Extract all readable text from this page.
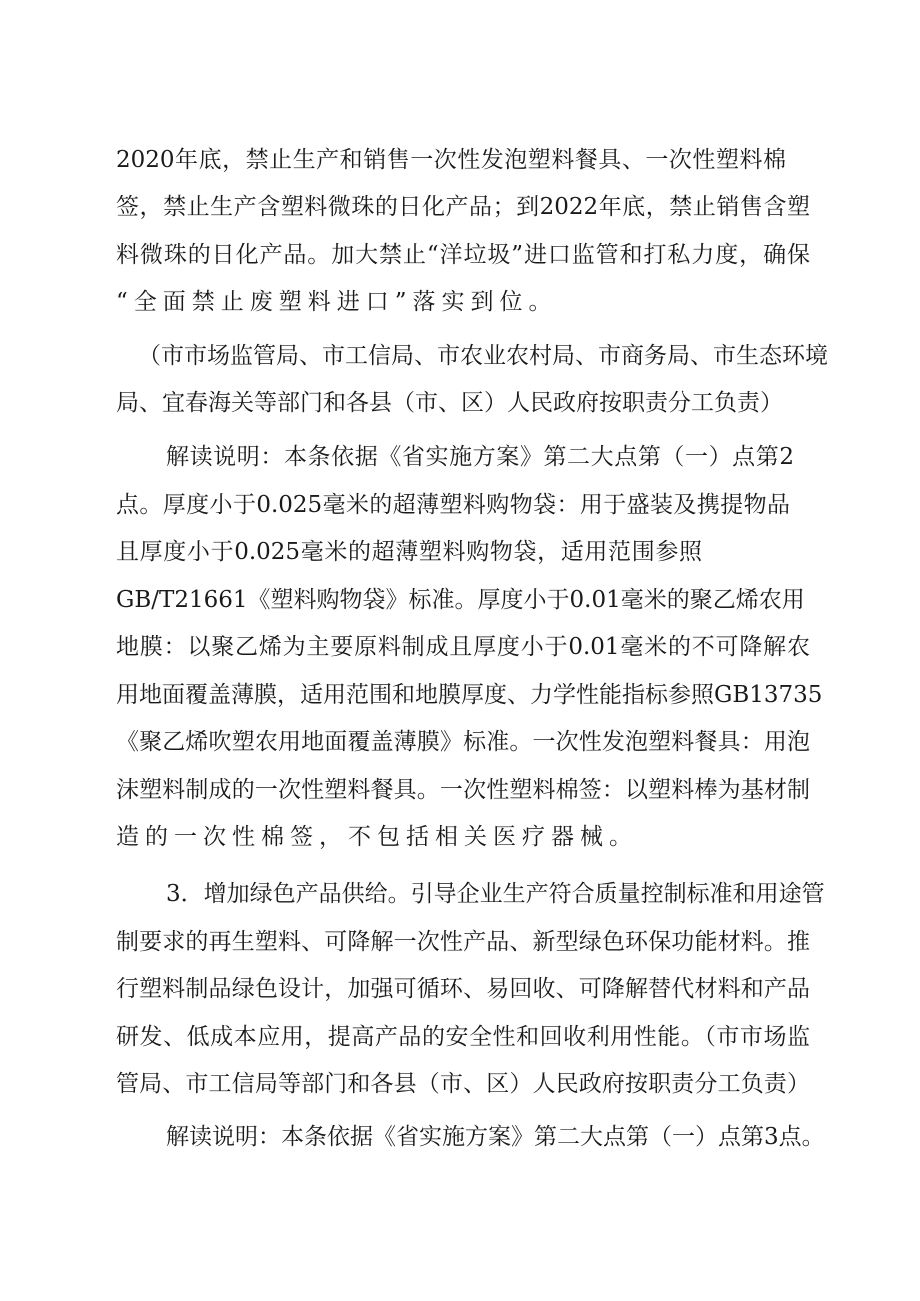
2020年底，禁止生产和销售一次性发泡塑料餐具、一次性塑料棉
签，禁止生产含塑料微珠的日化产品；到2022年底，禁止销售含塑
料微珠的日化产品。加大禁止“洋垃圾”进口监管和打私力度，确保
“全面禁止废塑料进口”落实到位。
（市市场监管局、市工信局、市农业农村局、市商务局、市生态环境
局、宜春海关等部门和各县（市、区）人民政府按职责分工负责）
解读说明：本条依据《省实施方案》第二大点第（一）点第2
点。厚度小于0.025毫米的超薄塑料购物袋：用于盛装及携提物品
且厚度小于0.025毫米的超薄塑料购物袋，适用范围参照
GB/T21661《塑料购物袋》标准。厚度小于0.01毫米的聚乙烯农用
地膜：以聚乙烯为主要原料制成且厚度小于0.01毫米的不可降解农
用地面覆盖薄膜，适用范围和地膜厚度、力学性能指标参照GB13735
《聚乙烯吹塑农用地面覆盖薄膜》标准。一次性发泡塑料餐具：用泡
沫塑料制成的一次性塑料餐具。一次性塑料棉签：以塑料棒为基材制
造的一次性棉签，不包括相关医疗器械。
3．增加绿色产品供给。引导企业生产符合质量控制标准和用途管
制要求的再生塑料、可降解一次性产品、新型绿色环保功能材料。推
行塑料制品绿色设计，加强可循环、易回收、可降解替代材料和产品
研发、低成本应用，提高产品的安全性和回收利用性能。（市市场监
管局、市工信局等部门和各县（市、区）人民政府按职责分工负责）
解读说明：本条依据《省实施方案》第二大点第（一）点第3点。
